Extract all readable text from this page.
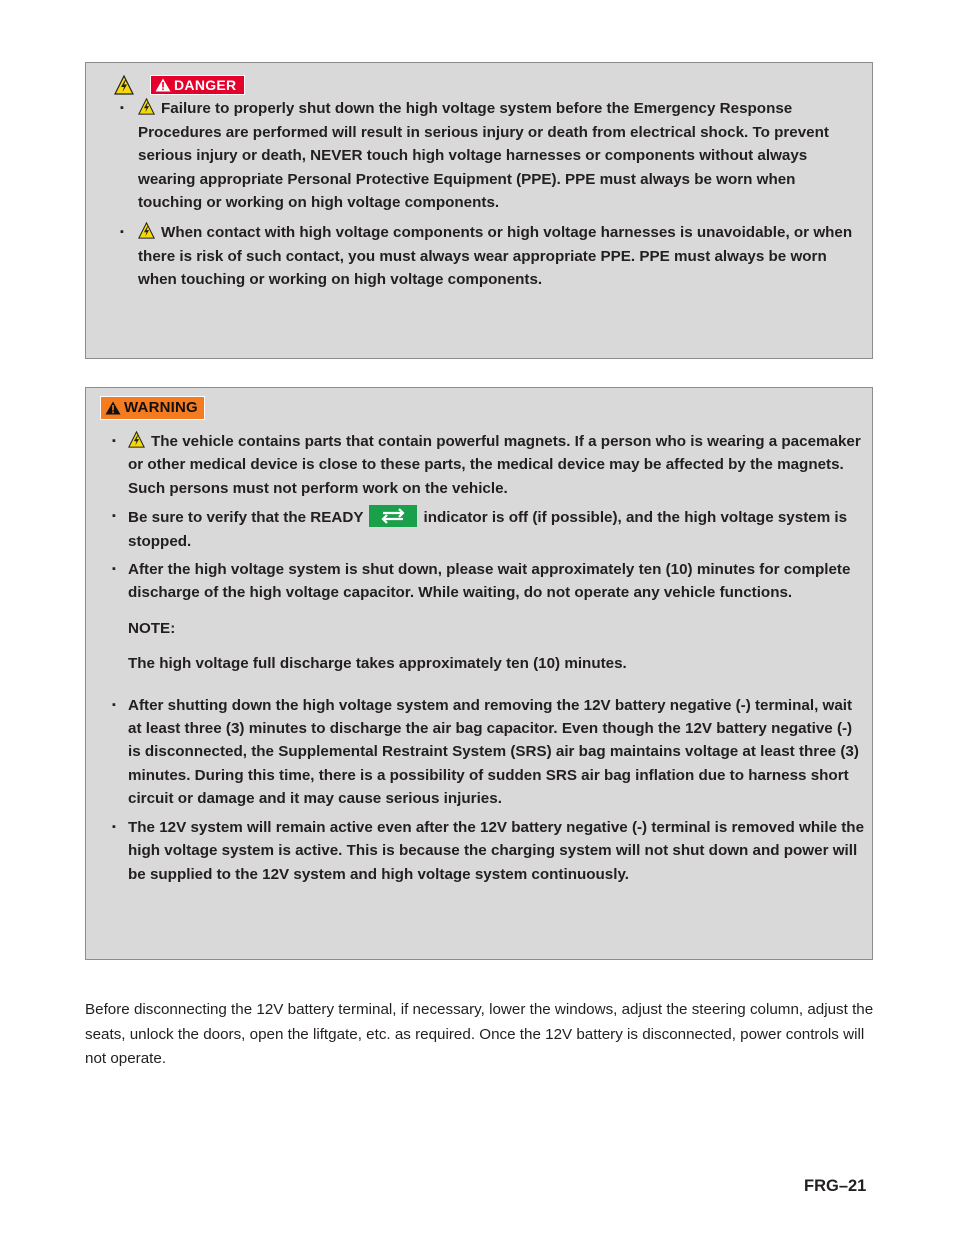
DANGER
▪ Failure to properly shut down the high voltage system before the Emergency Response Procedures are performed will result in serious injury or death from electrical shock. To prevent serious injury or death, NEVER touch high voltage harnesses or components without always wearing appropriate Personal Protective Equipment (PPE). PPE must always be worn when touching or working on high voltage components.
▪ When contact with high voltage components or high voltage harnesses is unavoidable, or when there is risk of such contact, you must always wear appropriate PPE. PPE must always be worn when touching or working on high voltage components.
WARNING
▪ The vehicle contains parts that contain powerful magnets. If a person who is wearing a pacemaker or other medical device is close to these parts, the medical device may be affected by the magnets. Such persons must not perform work on the vehicle.
▪ Be sure to verify that the READY	indicator is off (if possible), and the high voltage system is stopped.
▪ After the high voltage system is shut down, please wait approximately ten (10) minutes for complete discharge of the high voltage capacitor. While waiting, do not operate any vehicle functions.
NOTE:
The high voltage full discharge takes approximately ten (10) minutes.
▪ After shutting down the high voltage system and removing the 12V battery negative (-) terminal, wait at least three (3) minutes to discharge the air bag capacitor. Even though the 12V battery negative (-) is disconnected, the Supplemental Restraint System (SRS) air bag maintains voltage at least three (3) minutes. During this time, there is a possibility of sudden SRS air bag inflation due to harness short circuit or damage and it may cause serious injuries.
▪ The 12V system will remain active even after the 12V battery negative (-) terminal is removed while the high voltage system is active. This is because the charging system will not shut down and power will be supplied to the 12V system and high voltage system continuously.

Before disconnecting the 12V battery terminal, if necessary, lower the windows, adjust the steering column, adjust the seats, unlock the doors, open the liftgate, etc. as required. Once the 12V battery is disconnected, power controls will not operate.

FRG–21
